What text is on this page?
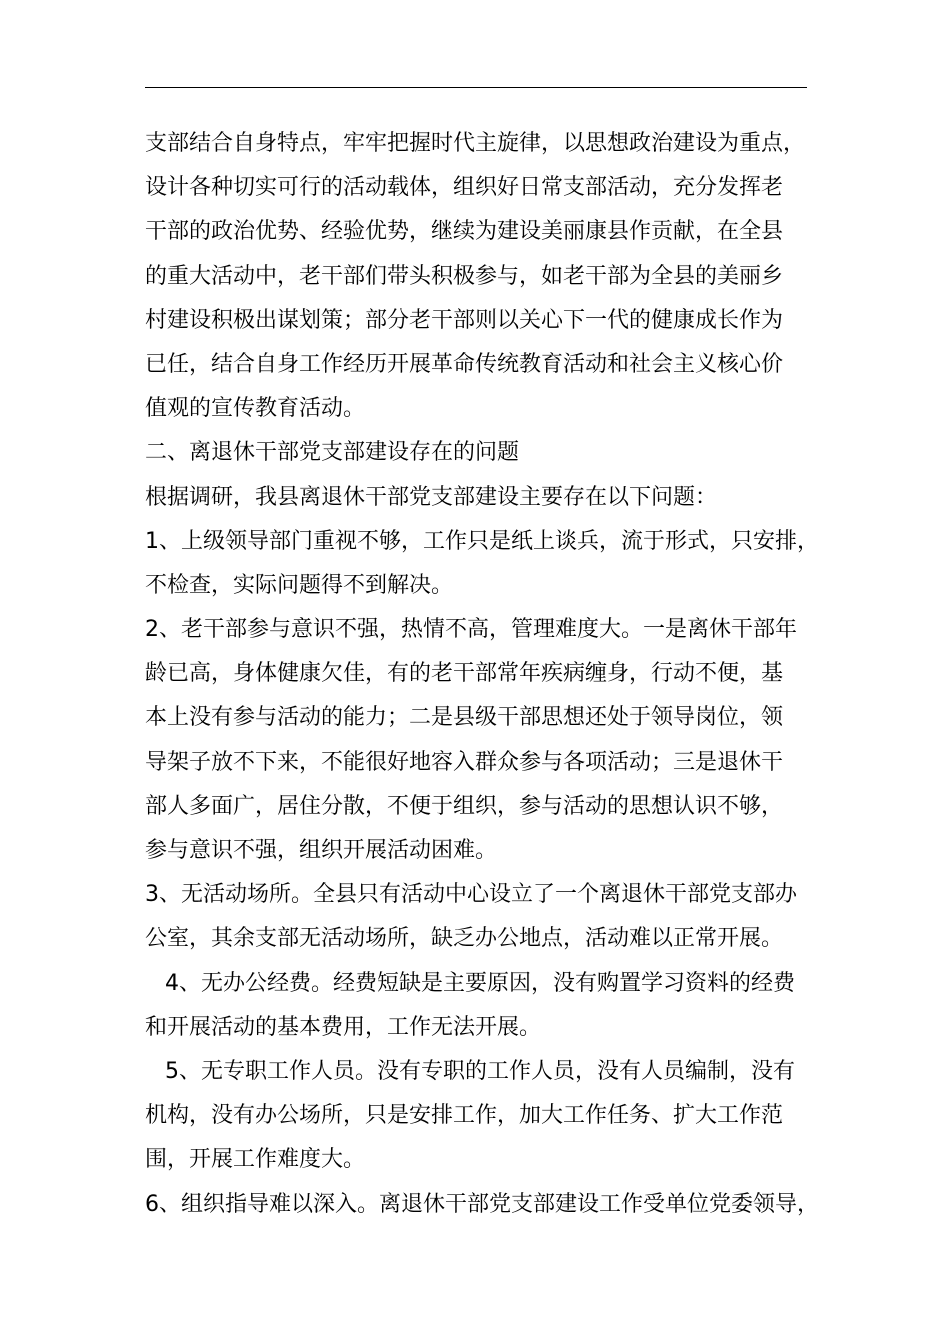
支部结合自身特点，牢牢把握时代主旋律，以思想政治建设为重点，
设计各种切实可行的活动载体，组织好日常支部活动，充分发挥老
干部的政治优势、经验优势，继续为建设美丽康县作贡献，在全县
的重大活动中，老干部们带头积极参与，如老干部为全县的美丽乡
村建设积极出谋划策；部分老干部则以关心下一代的健康成长作为
已任，结合自身工作经历开展革命传统教育活动和社会主义核心价
值观的宣传教育活动。
二、离退休干部党支部建设存在的问题
根据调研，我县离退休干部党支部建设主要存在以下问题：
1、上级领导部门重视不够，工作只是纸上谈兵，流于形式，只安排，
不检查，实际问题得不到解决。
2、老干部参与意识不强，热情不高，管理难度大。一是离休干部年
龄已高，身体健康欠佳，有的老干部常年疾病缠身，行动不便，基
本上没有参与活动的能力；二是县级干部思想还处于领导岗位，领
导架子放不下来，不能很好地容入群众参与各项活动；三是退休干
部人多面广，居住分散，不便于组织，参与活动的思想认识不够，
参与意识不强，组织开展活动困难。
3、无活动场所。全县只有活动中心设立了一个离退休干部党支部办
公室，其余支部无活动场所，缺乏办公地点，活动难以正常开展。
4、无办公经费。经费短缺是主要原因，没有购置学习资料的经费
和开展活动的基本费用，工作无法开展。
5、无专职工作人员。没有专职的工作人员，没有人员编制，没有
机构，没有办公场所，只是安排工作，加大工作任务、扩大工作范
围，开展工作难度大。
6、组织指导难以深入。离退休干部党支部建设工作受单位党委领导，
